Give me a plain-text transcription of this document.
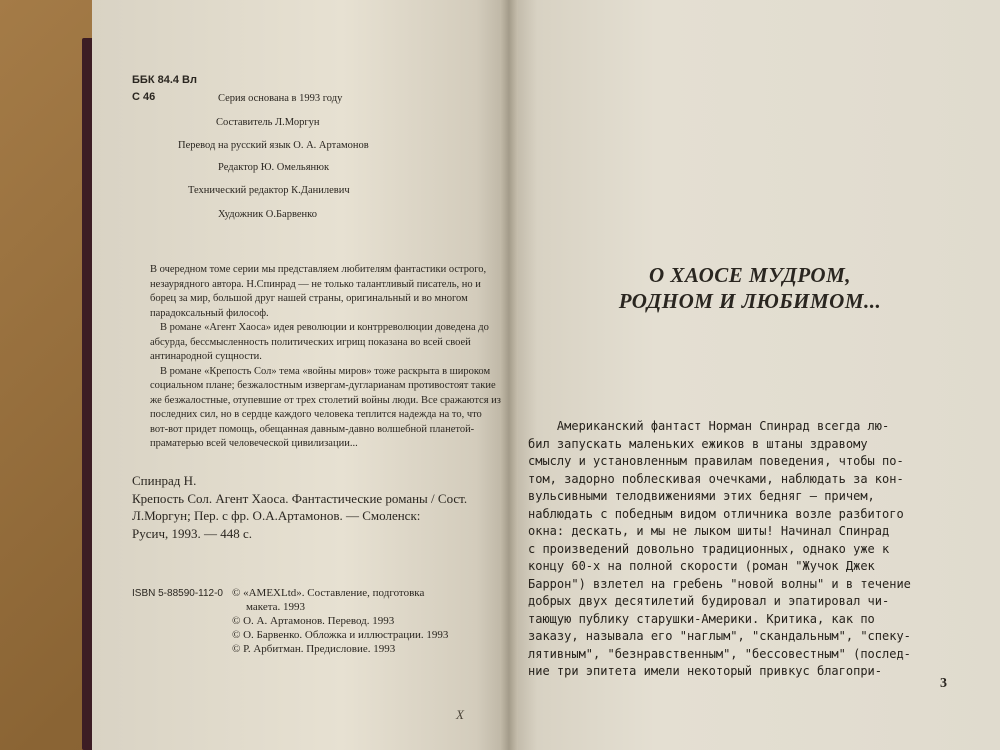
ББК 84.4 Вл
С 46	Серия основана в 1993 году
Составитель Л.Моргун
Перевод на русский язык О. А. Артамонов
Редактор Ю. Омельянюк
Технический редактор К.Данилевич
Художник О.Барвенко
В очередном томе серии мы представляем любителям фантастики острого,
незаурядного автора. Н.Спинрад — не только талантливый писатель, но и
борец за мир, большой друг нашей страны, оригинальный и во многом
парадоксальный философ.
В романе «Агент Хаоса» идея революции и контрреволюции доведена до
абсурда, бессмысленность политических игрищ показана во всей своей
антинародной сущности.
В романе «Крепость Сол» тема «войны миров» тоже раскрыта в широком
социальном плане; безжалостным извергам-дугларианам противостоят такие
же безжалостные, отупевшие от трех столетий войны люди. Все сражаются из
последних сил, но в сердце каждого человека теплится надежда на то, что
вот-вот придет помощь, обещанная давным-давно волшебной планетой-
праматерью всей человеческой цивилизации...
Спинрад Н.
Крепость Сол. Агент Хаоса. Фантастические романы / Сост.
Л.Моргун; Пер. с фр. О.А.Артамонов. — Смоленск:
Русич, 1993. — 448 с.
ISBN 5-88590-112-0 © «AMEXLtd». Составление, подготовка
макета. 1993
© О. А. Артамонов. Перевод. 1993
© О. Барвенко. Обложка и иллюстрации. 1993
© Р. Арбитман. Предисловие. 1993
Х
О ХАОСЕ МУДРОМ,
РОДНОМ И ЛЮБИМОМ...
Американский фантаст Норман Спинрад всегда лю-
бил запускать маленьких ежиков в штаны здравому
смыслу и установленным правилам поведения, чтобы по-
том, задорно поблескивая очечками, наблюдать за кон-
вульсивными телодвижениями этих бедняг — причем,
наблюдать с победным видом отличника возле разбитого
окна: дескать, и мы не лыком шиты! Начинал Спинрад
с произведений довольно традиционных, однако уже к
концу 60-х на полной скорости (роман "Жучок Джек
Баррон") взлетел на гребень "новой волны" и в течение
добрых двух десятилетий будировал и эпатировал чи-
тающую публику старушки-Америки. Критика, как по
заказу, называла его "наглым", "скандальным", "спеку-
лятивным", "безнравственным", "бессовестным" (послед-
ние три эпитета имели некоторый привкус благопри-
3
